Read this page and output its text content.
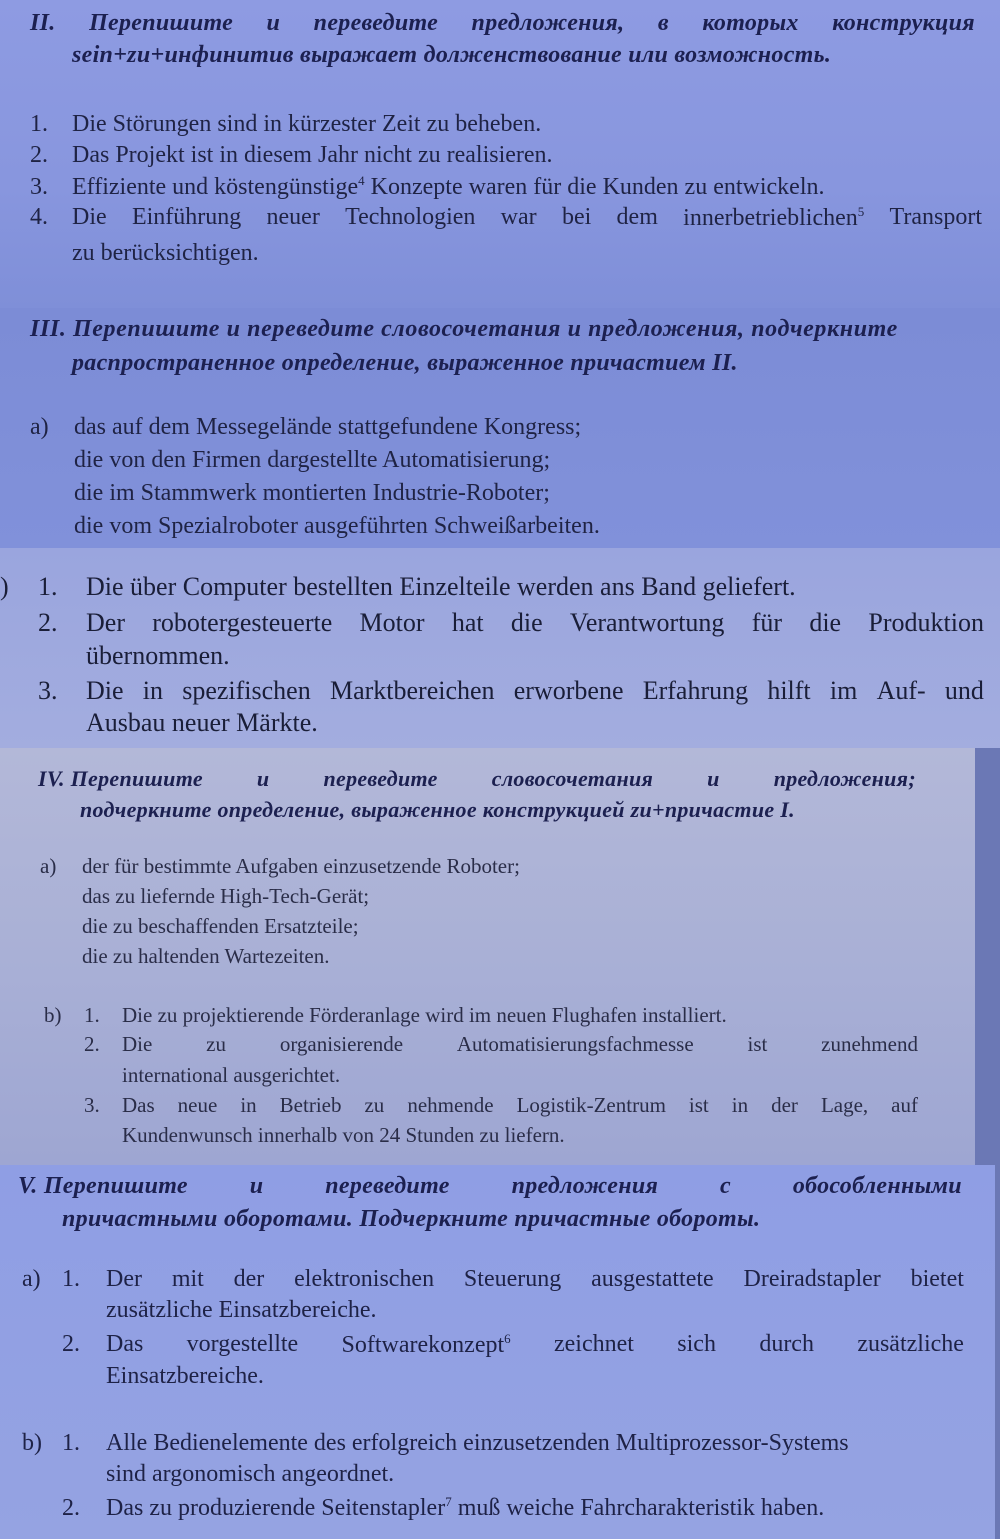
II. Перепишите и переведите предложения, в которых конструкция
sein+zu+инфинитив выражает долженствование или возможность.
1. Die Störungen sind in kürzester Zeit zu beheben.
2. Das Projekt ist in diesem Jahr nicht zu realisieren.
3. Effiziente und köstengünstige$^4$ Konzepte waren für die Kunden zu entwickeln.
4. Die Einführung neuer Technologien war bei dem innerbetrieblichen$^5$ Transport
zu berücksichtigen.
III. Перепишите и переведите словосочетания и предложения, подчеркните
распространенное определение, выраженное причастием II.
a) das auf dem Messegelände stattgefundene Kongress;
die von den Firmen dargestellte Automatisierung;
die im Stammwerk montierten Industrie-Roboter;
die vom Spezialroboter ausgeführten Schweißarbeiten.
) 1. Die über Computer bestellten Einzelteile werden ans Band geliefert.
2. Der robotergesteuerte Motor hat die Verantwortung für die Produktion
übernommen.
3. Die in spezifischen Marktbereichen erworbene Erfahrung hilft im Auf- und
Ausbau neuer Märkte.
IV. Перепишите и переведите словосочетания и предложения;
подчеркните определение, выраженное конструкцией zu+причастие I.
a) der für bestimmte Aufgaben einzusetzende Roboter;
das zu liefernde High-Tech-Gerät;
die zu beschaffenden Ersatzteile;
die zu haltenden Wartezeiten.
b) 1. Die zu projektierende Förderanlage wird im neuen Flughafen installiert.
2. Die	zu	organisierende	Automatisierungsfachmesse	ist	zunehmend
international ausgerichtet.
3. Das neue in Betrieb zu nehmende Logistik-Zentrum ist in der Lage, auf
Kundenwunsch innerhalb von 24 Stunden zu liefern.
V. Перепишите	и	переведите	предложения	с	обособленными
причастными оборотами. Подчеркните причастные обороты.
a) 1. Der mit der elektronischen Steuerung ausgestattete Dreiradstapler bietet
zusätzliche Einsatzbereiche.
2. Das vorgestellte Softwarekonzept$^6$ zeichnet sich durch zusätzliche
Einsatzbereiche.
b) 1. Alle Bedienelemente des erfolgreich einzusetzenden Multiprozessor-Systems
sind argonomisch angeordnet.
2. Das zu produzierende Seitenstapler$^7$ muß weiche Fahrcharakteristik haben.
